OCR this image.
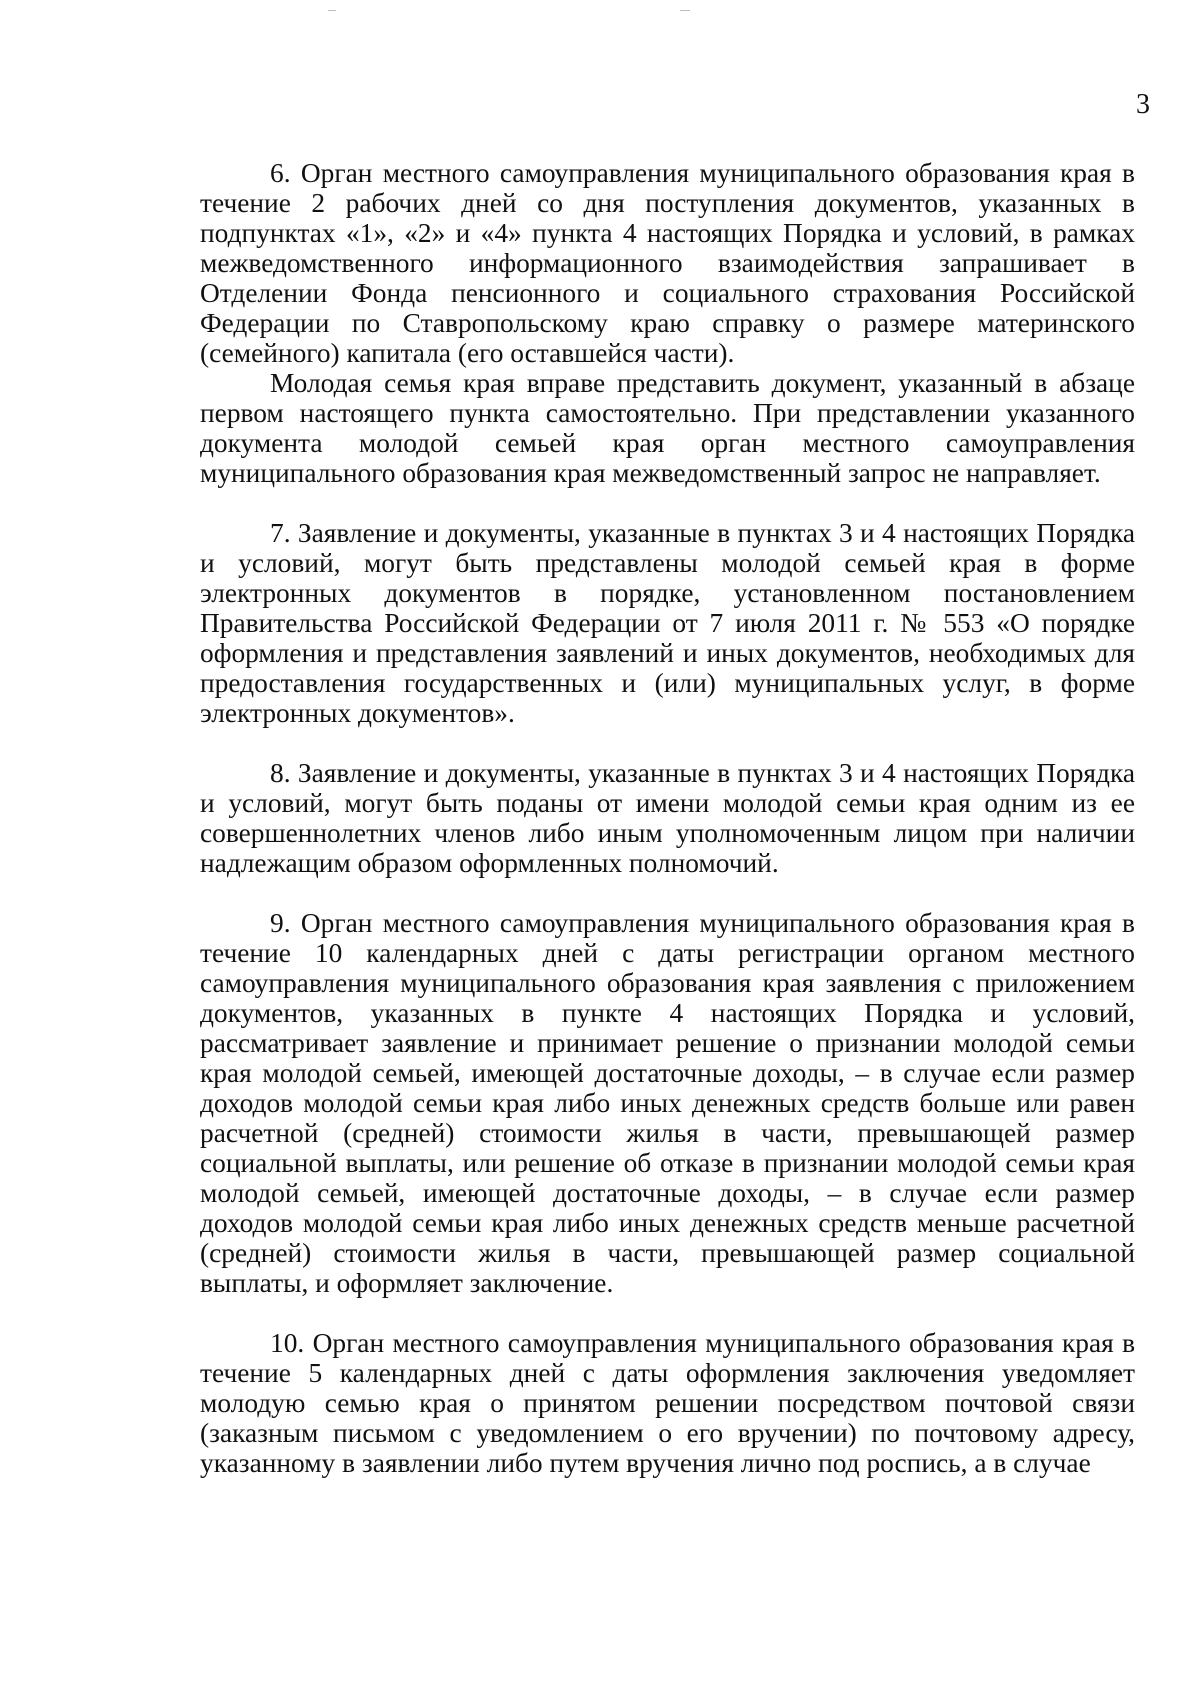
3

6. Орган местного самоуправления муниципального образования края в течение 2 рабочих дней со дня поступления документов, указанных в подпунктах «1», «2» и «4» пункта 4 настоящих Порядка и условий, в рамках межведомственного информационного взаимодействия запрашивает в Отделении Фонда пенсионного и социального страхования Российской Федерации по Ставропольскому краю справку о размере материнского (семейного) капитала (его оставшейся части).

Молодая семья края вправе представить документ, указанный в абзаце первом настоящего пункта самостоятельно. При представлении указанного документа молодой семьей края орган местного самоуправления муниципального образования края межведомственный запрос не направляет.

7. Заявление и документы, указанные в пунктах 3 и 4 настоящих Порядка и условий, могут быть представлены молодой семьей края в форме электронных документов в порядке, установленном постановлением Правительства Российской Федерации от 7 июля 2011 г. № 553 «О порядке оформления и представления заявлений и иных документов, необходимых для предоставления государственных и (или) муниципальных услуг, в форме электронных документов».

8. Заявление и документы, указанные в пунктах 3 и 4 настоящих Порядка и условий, могут быть поданы от имени молодой семьи края одним из ее совершеннолетних членов либо иным уполномоченным лицом при наличии надлежащим образом оформленных полномочий.

9. Орган местного самоуправления муниципального образования края в течение 10 календарных дней с даты регистрации органом местного самоуправления муниципального образования края заявления с приложением документов, указанных в пункте 4 настоящих Порядка и условий, рассматривает заявление и принимает решение о признании молодой семьи края молодой семьей, имеющей достаточные доходы, – в случае если размер доходов молодой семьи края либо иных денежных средств больше или равен расчетной (средней) стоимости жилья в части, превышающей размер социальной выплаты, или решение об отказе в признании молодой семьи края молодой семьей, имеющей достаточные доходы, – в случае если размер доходов молодой семьи края либо иных денежных средств меньше расчетной (средней) стоимости жилья в части, превышающей размер социальной выплаты, и оформляет заключение.

10. Орган местного самоуправления муниципального образования края в течение 5 календарных дней с даты оформления заключения уведомляет молодую семью края о принятом решении посредством почтовой связи (заказным письмом с уведомлением о его вручении) по почтовому адресу, указанному в заявлении либо путем вручения лично под роспись, а в случае
